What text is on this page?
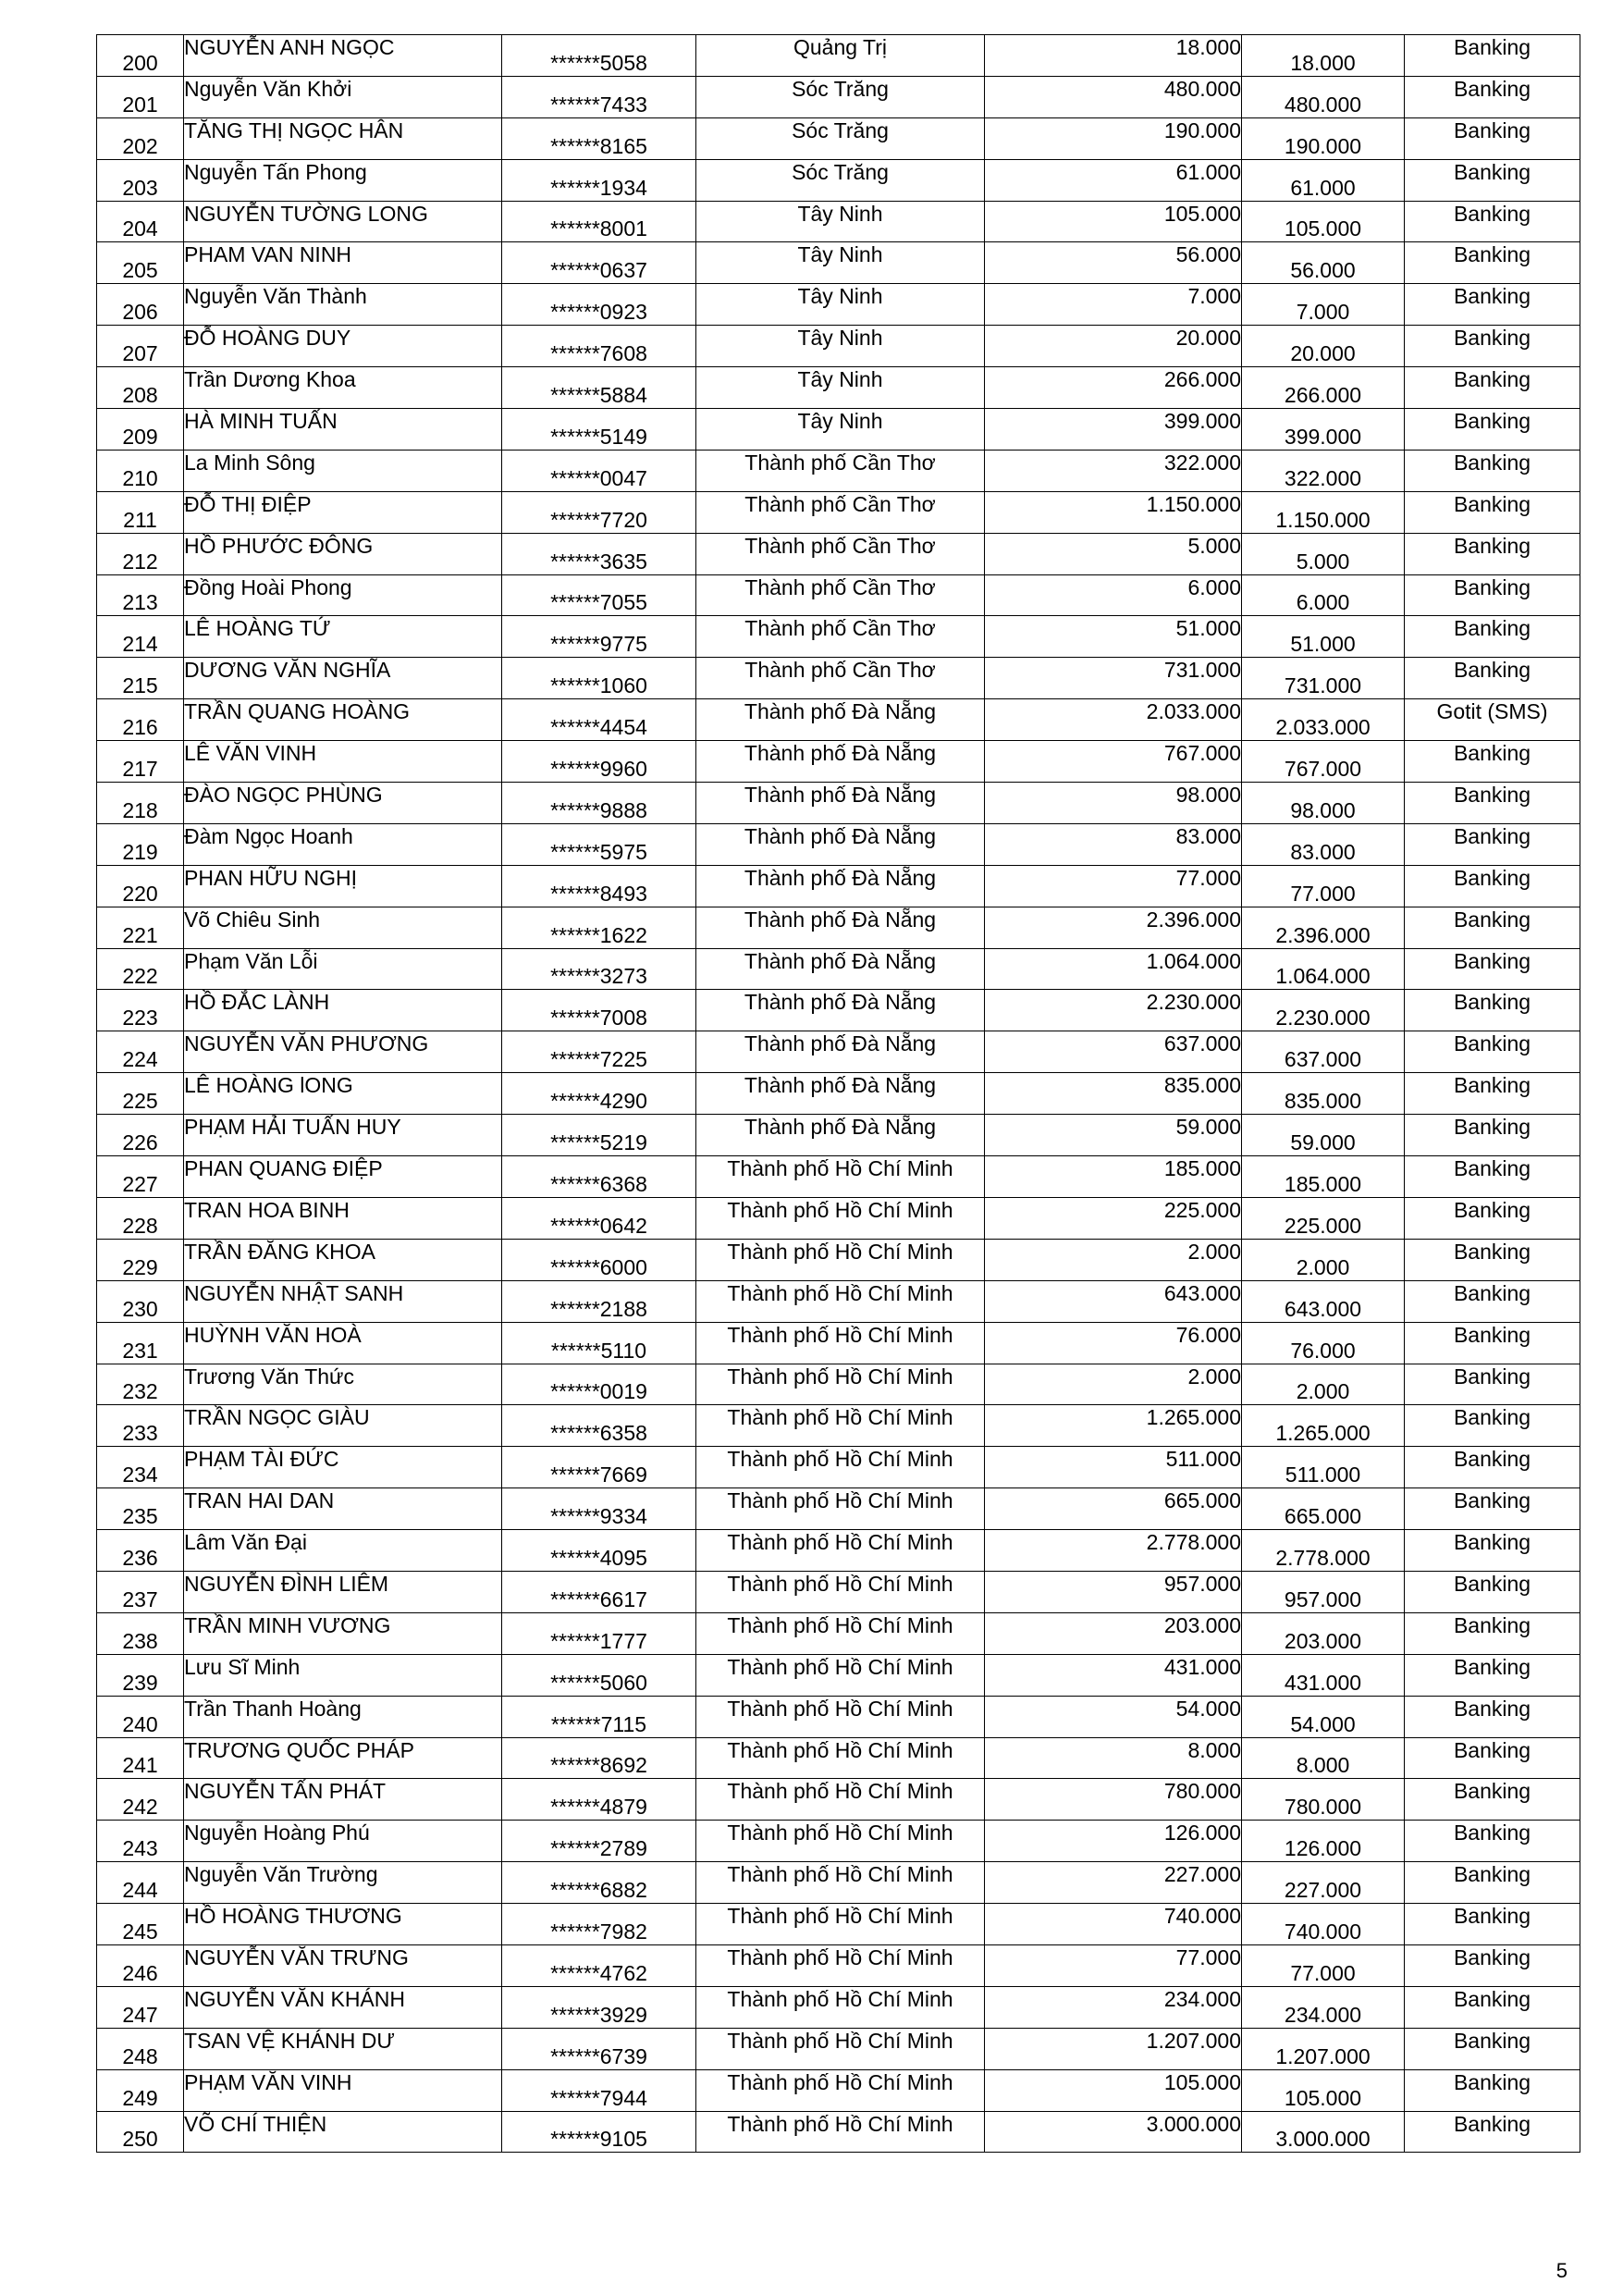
200	NGUYỄN ANH NGỌC	******5058	Quảng Trị	18.000	18.000	Banking
201	Nguyễn Văn Khởi	******7433	Sóc Trăng	480.000	480.000	Banking
202	TĂNG THỊ NGỌC HÂN	******8165	Sóc Trăng	190.000	190.000	Banking
203	Nguyễn Tấn Phong	******1934	Sóc Trăng	61.000	61.000	Banking
204	NGUYỄN TƯỜNG LONG	******8001	Tây Ninh	105.000	105.000	Banking
205	PHAM VAN NINH	******0637	Tây Ninh	56.000	56.000	Banking
206	Nguyễn Văn Thành	******0923	Tây Ninh	7.000	7.000	Banking
207	ĐỖ HOÀNG DUY	******7608	Tây Ninh	20.000	20.000	Banking
208	Trần Dương Khoa	******5884	Tây Ninh	266.000	266.000	Banking
209	HÀ MINH TUẤN	******5149	Tây Ninh	399.000	399.000	Banking
210	La Minh Sông	******0047	Thành phố Cần Thơ	322.000	322.000	Banking
211	ĐỖ THỊ ĐIỆP	******7720	Thành phố Cần Thơ	1.150.000	1.150.000	Banking
212	HỒ PHƯỚC ĐÔNG	******3635	Thành phố Cần Thơ	5.000	5.000	Banking
213	Đồng Hoài Phong	******7055	Thành phố Cần Thơ	6.000	6.000	Banking
214	LÊ HOÀNG TỨ	******9775	Thành phố Cần Thơ	51.000	51.000	Banking
215	DƯƠNG VĂN NGHĨA	******1060	Thành phố Cần Thơ	731.000	731.000	Banking
216	TRẦN QUANG HOÀNG	******4454	Thành phố Đà Nẵng	2.033.000	2.033.000	Gotit (SMS)
217	LÊ VĂN VINH	******9960	Thành phố Đà Nẵng	767.000	767.000	Banking
218	ĐÀO NGỌC PHÙNG	******9888	Thành phố Đà Nẵng	98.000	98.000	Banking
219	Đàm Ngọc Hoanh	******5975	Thành phố Đà Nẵng	83.000	83.000	Banking
220	PHAN HỮU NGHỊ	******8493	Thành phố Đà Nẵng	77.000	77.000	Banking
221	Võ Chiêu Sinh	******1622	Thành phố Đà Nẵng	2.396.000	2.396.000	Banking
222	Phạm Văn Lỗi	******3273	Thành phố Đà Nẵng	1.064.000	1.064.000	Banking
223	HỒ ĐẮC LÀNH	******7008	Thành phố Đà Nẵng	2.230.000	2.230.000	Banking
224	NGUYỄN VĂN PHƯƠNG	******7225	Thành phố Đà Nẵng	637.000	637.000	Banking
225	LÊ HOÀNG lONG	******4290	Thành phố Đà Nẵng	835.000	835.000	Banking
226	PHẠM HẢI TUẤN HUY	******5219	Thành phố Đà Nẵng	59.000	59.000	Banking
227	PHAN QUANG ĐIỆP	******6368	Thành phố Hồ Chí Minh	185.000	185.000	Banking
228	TRAN HOA BINH	******0642	Thành phố Hồ Chí Minh	225.000	225.000	Banking
229	TRẦN ĐĂNG KHOA	******6000	Thành phố Hồ Chí Minh	2.000	2.000	Banking
230	NGUYỄN NHẬT SANH	******2188	Thành phố Hồ Chí Minh	643.000	643.000	Banking
231	HUỲNH VĂN HOÀ	******5110	Thành phố Hồ Chí Minh	76.000	76.000	Banking
232	Trương Văn Thức	******0019	Thành phố Hồ Chí Minh	2.000	2.000	Banking
233	TRẦN NGỌC GIÀU	******6358	Thành phố Hồ Chí Minh	1.265.000	1.265.000	Banking
234	PHẠM TÀI ĐỨC	******7669	Thành phố Hồ Chí Minh	511.000	511.000	Banking
235	TRAN HAI DAN	******9334	Thành phố Hồ Chí Minh	665.000	665.000	Banking
236	Lâm Văn Đại	******4095	Thành phố Hồ Chí Minh	2.778.000	2.778.000	Banking
237	NGUYỄN ĐÌNH LIÊM	******6617	Thành phố Hồ Chí Minh	957.000	957.000	Banking
238	TRẦN MINH VƯƠNG	******1777	Thành phố Hồ Chí Minh	203.000	203.000	Banking
239	Lưu Sĩ Minh	******5060	Thành phố Hồ Chí Minh	431.000	431.000	Banking
240	Trần Thanh Hoàng	******7115	Thành phố Hồ Chí Minh	54.000	54.000	Banking
241	TRƯƠNG QUỐC PHÁP	******8692	Thành phố Hồ Chí Minh	8.000	8.000	Banking
242	NGUYỄN TẤN PHÁT	******4879	Thành phố Hồ Chí Minh	780.000	780.000	Banking
243	Nguyễn Hoàng Phú	******2789	Thành phố Hồ Chí Minh	126.000	126.000	Banking
244	Nguyễn Văn Trường	******6882	Thành phố Hồ Chí Minh	227.000	227.000	Banking
245	HỒ HOÀNG THƯƠNG	******7982	Thành phố Hồ Chí Minh	740.000	740.000	Banking
246	NGUYỄN VĂN TRƯNG	******4762	Thành phố Hồ Chí Minh	77.000	77.000	Banking
247	NGUYỄN VĂN KHÁNH	******3929	Thành phố Hồ Chí Minh	234.000	234.000	Banking
248	TSAN VỆ KHÁNH DƯ	******6739	Thành phố Hồ Chí Minh	1.207.000	1.207.000	Banking
249	PHẠM VĂN VINH	******7944	Thành phố Hồ Chí Minh	105.000	105.000	Banking
250	VÕ CHÍ THIỆN	******9105	Thành phố Hồ Chí Minh	3.000.000	3.000.000	Banking
5
